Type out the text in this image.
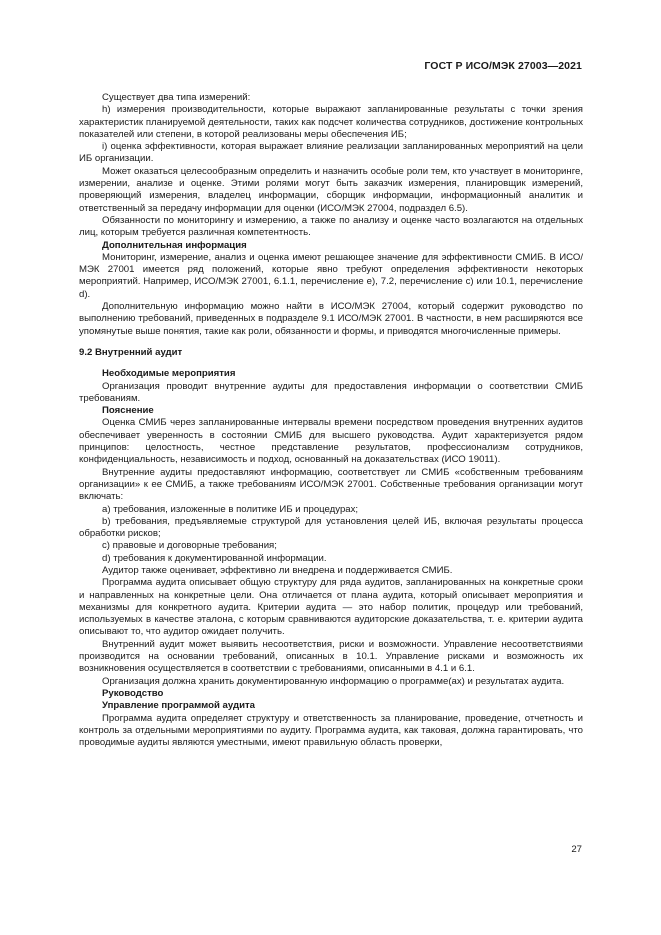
ГОСТ Р ИСО/МЭК 27003—2021

Существует два типа измерений:

h) измерения производительности, которые выражают запланированные результаты с точки зрения характеристик планируемой деятельности, таких как подсчет количества сотрудников, достижение контрольных показателей или степени, в которой реализованы меры обеспечения ИБ;

i) оценка эффективности, которая выражает влияние реализации запланированных мероприятий на цели ИБ организации.

Может оказаться целесообразным определить и назначить особые роли тем, кто участвует в мониторинге, измерении, анализе и оценке. Этими ролями могут быть заказчик измерения, планировщик измерений, проверяющий измерения, владелец информации, сборщик информации, информационный аналитик и ответственный за передачу информации для оценки (ИСО/МЭК 27004, подраздел 6.5).

Обязанности по мониторингу и измерению, а также по анализу и оценке часто возлагаются на отдельных лиц, которым требуется различная компетентность.

Дополнительная информация

Мониторинг, измерение, анализ и оценка имеют решающее значение для эффективности СМИБ. В ИСО/МЭК 27001 имеется ряд положений, которые явно требуют определения эффективности некоторых мероприятий. Например, ИСО/МЭК 27001, 6.1.1, перечисление е), 7.2, перечисление с) или 10.1, перечисление d).

Дополнительную информацию можно найти в ИСО/МЭК 27004, который содержит руководство по выполнению требований, приведенных в подразделе 9.1 ИСО/МЭК 27001. В частности, в нем расширяются все упомянутые выше понятия, такие как роли, обязанности и формы, и приводятся многочисленные примеры.

9.2 Внутренний аудит

Необходимые мероприятия

Организация проводит внутренние аудиты для предоставления информации о соответствии СМИБ требованиям.

Пояснение

Оценка СМИБ через запланированные интервалы времени посредством проведения внутренних аудитов обеспечивает уверенность в состоянии СМИБ для высшего руководства. Аудит характеризуется рядом принципов: целостность, честное представление результатов, профессионализм сотрудников, конфиденциальность, независимость и подход, основанный на доказательствах (ИСО 19011).

Внутренние аудиты предоставляют информацию, соответствует ли СМИБ «собственным требованиям организации» к ее СМИБ, а также требованиям ИСО/МЭК 27001. Собственные требования организации могут включать:

a) требования, изложенные в политике ИБ и процедурах;

b) требования, предъявляемые структурой для установления целей ИБ, включая результаты процесса обработки рисков;

c) правовые и договорные требования;

d) требования к документированной информации.

Аудитор также оценивает, эффективно ли внедрена и поддерживается СМИБ.

Программа аудита описывает общую структуру для ряда аудитов, запланированных на конкретные сроки и направленных на конкретные цели. Она отличается от плана аудита, который описывает мероприятия и механизмы для конкретного аудита. Критерии аудита — это набор политик, процедур или требований, используемых в качестве эталона, с которым сравниваются аудиторские доказательства, т. е. критерии аудита описывают то, что аудитор ожидает получить.

Внутренний аудит может выявить несоответствия, риски и возможности. Управление несоответствиями производится на основании требований, описанных в 10.1. Управление рисками и возможность их возникновения осуществляется в соответствии с требованиями, описанными в 4.1 и 6.1.

Организация должна хранить документированную информацию о программе(ах) и результатах аудита.

Руководство

Управление программой аудита

Программа аудита определяет структуру и ответственность за планирование, проведение, отчетность и контроль за отдельными мероприятиями по аудиту. Программа аудита, как таковая, должна гарантировать, что проводимые аудиты являются уместными, имеют правильную область проверки,

27
